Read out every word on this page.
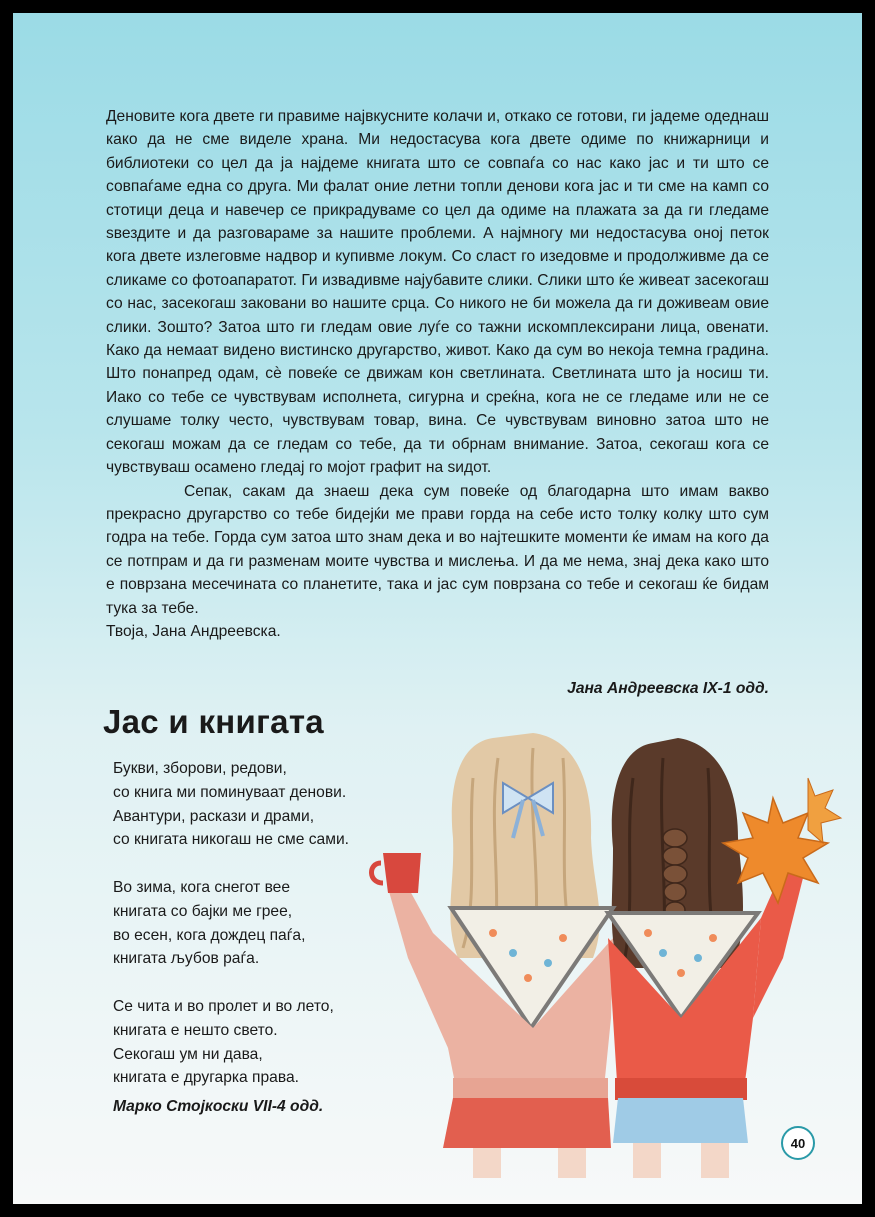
Деновите кога двете ги правиме највкусните колачи и, откако се готови, ги јадеме одеднаш како да не сме виделе храна. Ми недостасува кога двете одиме по книжарници и библиотеки со цел да ја најдеме книгата што се совпаѓа со нас како јас и ти што се совпаѓаме една со друга. Ми фалат оние летни топли денови кога јас и ти сме на камп со стотици деца и навечер се прикрадуваме со цел да одиме на плажата за да ги гледаме ѕвездите и да разговараме за нашите проблеми. А најмногу ми недостасува оној петок кога двете излеговме надвор и купивме локум. Со сласт го изедовме и продолживме да се сликаме со фотоапаратот. Ги извадивме најубавите слики. Слики што ќе живеат засекогаш со нас, засекогаш заковани во нашите срца. Со никого не би можела да ги доживеам овие слики. Зошто? Затоа што ги гледам овие луѓе со тажни искомплексирани лица, овенати. Како да немаат видено вистинско другарство, живот. Како да сум во некоја темна градина. Што понапред одам, сѐ повеќе се движам кон светлината. Светлината што ја носиш ти. Иако со тебе се чувствувам исполнета, сигурна и среќна, кога не се гледаме или не се слушаме толку често, чувствувам товар, вина. Се чувствувам виновно затоа што не секогаш можам да се гледам со тебе, да ти обрнам внимание. Затоа, секогаш кога се чувствуваш осамено гледај го мојот графит на ѕидот.

Сепак, сакам да знаеш дека сум повеќе од благодарна што имам вакво прекрасно другарство со тебе бидејќи ме прави горда на себе исто толку колку што сум годра на тебе. Горда сум затоа што знам дека и во најтешките моменти ќе имам на кого да се потпрам и да ги разменам моите чувства и мислења. И да ме нема, знај дека како што е поврзана месечината со планетите, така и јас сум поврзана со тебе и секогаш ќе бидам тука за тебе.

Твоја, Јана Андреевска.

Јана Андреевска IX-1 одд.

Јас и книгата
Букви, зборови, редови,
со книга ми поминуваат денови.
Авантури, раскази и драми,
со книгата никогаш не сме сами.
Во зима, кога снегот вее
книгата со бајки ме грее,
во есен, кога дождец паѓа,
книгата љубов раѓа.
Се чита и во пролет и во лето,
книгата е нешто свето.
Секогаш ум ни дава,
книгата е другарка права.

Марко Стојкоски VII-4 одд.

40
